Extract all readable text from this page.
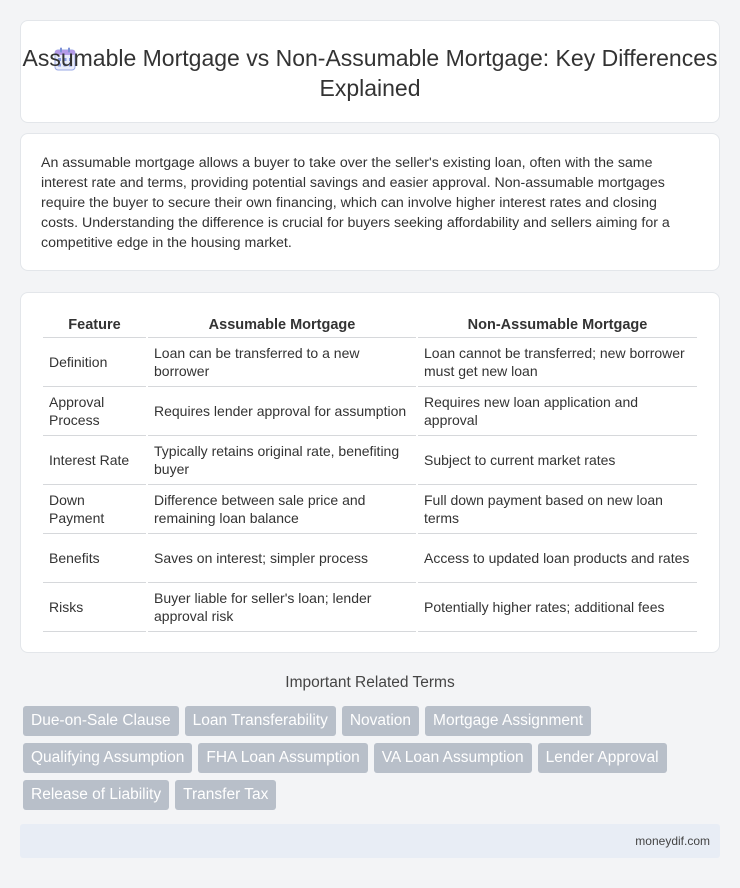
Assumable Mortgage vs Non-Assumable Mortgage: Key Differences Explained

An assumable mortgage allows a buyer to take over the seller's existing loan, often with the same interest rate and terms, providing potential savings and easier approval. Non-assumable mortgages require the buyer to secure their own financing, which can involve higher interest rates and closing costs. Understanding the difference is crucial for buyers seeking affordability and sellers aiming for a competitive edge in the housing market.

Feature	Assumable Mortgage	Non-Assumable Mortgage
Definition	Loan can be transferred to a new borrower	Loan cannot be transferred; new borrower must get new loan
Approval Process	Requires lender approval for assumption	Requires new loan application and approval
Interest Rate	Typically retains original rate, benefiting buyer	Subject to current market rates
Down Payment	Difference between sale price and remaining loan balance	Full down payment based on new loan terms
Benefits	Saves on interest; simpler process	Access to updated loan products and rates
Risks	Buyer liable for seller's loan; lender approval risk	Potentially higher rates; additional fees
Important Related Terms
Due-on-Sale Clause	Loan Transferability	Novation	Mortgage Assignment
Qualifying Assumption	FHA Loan Assumption	VA Loan Assumption	Lender Approval
Release of Liability	Transfer Tax
moneydif.com
